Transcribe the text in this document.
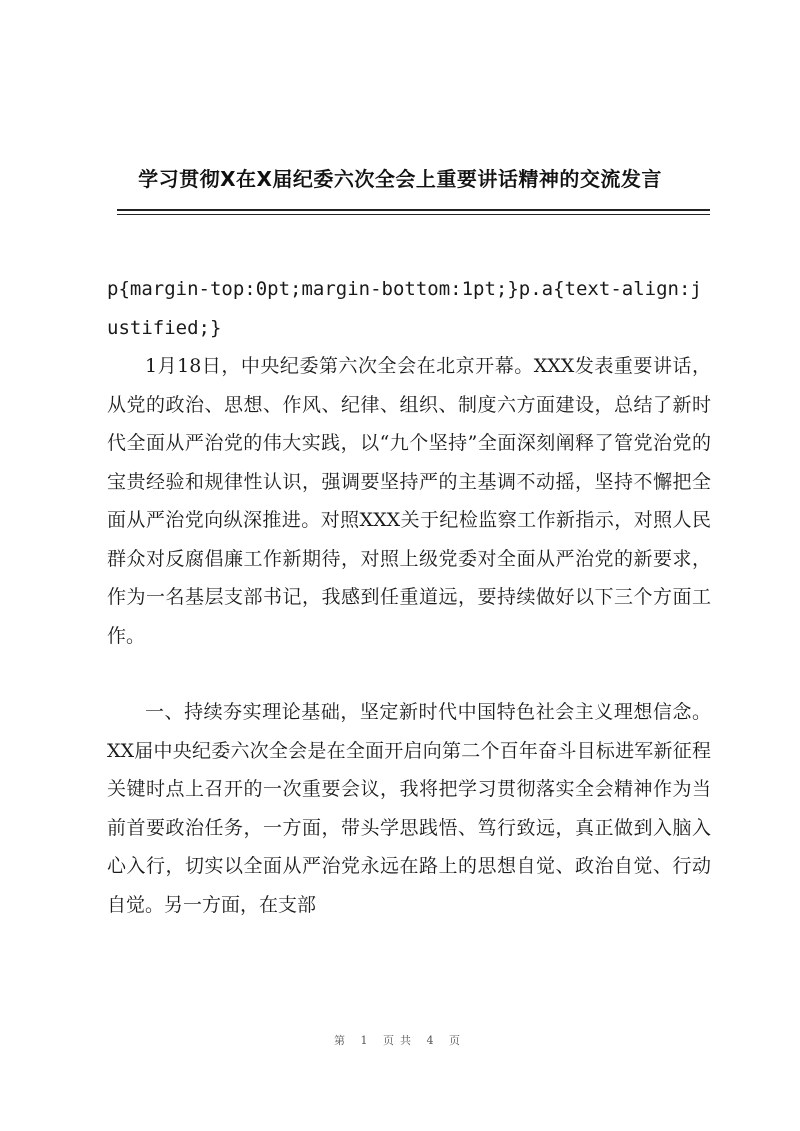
学习贯彻X在X届纪委六次全会上重要讲话精神的交流发言

p{margin-top:0pt;margin-bottom:1pt;}p.a{text-align:justified;}

1月18日，中央纪委第六次全会在北京开幕。XXX发表重要讲话，从党的政治、思想、作风、纪律、组织、制度六方面建设，总结了新时代全面从严治党的伟大实践，以“九个坚持”全面深刻阐释了管党治党的宝贵经验和规律性认识，强调要坚持严的主基调不动摇，坚持不懈把全面从严治党向纵深推进。对照XXX关于纪检监察工作新指示，对照人民群众对反腐倡廉工作新期待，对照上级党委对全面从严治党的新要求，作为一名基层支部书记，我感到任重道远，要持续做好以下三个方面工作。

一、持续夯实理论基础，坚定新时代中国特色社会主义理想信念。XX届中央纪委六次全会是在全面开启向第二个百年奋斗目标进军新征程关键时点上召开的一次重要会议，我将把学习贯彻落实全会精神作为当前首要政治任务，一方面，带头学思践悟、笃行致远，真正做到入脑入心入行，切实以全面从严治党永远在路上的思想自觉、政治自觉、行动自觉。另一方面，在支部

第 1 页共 4 页
